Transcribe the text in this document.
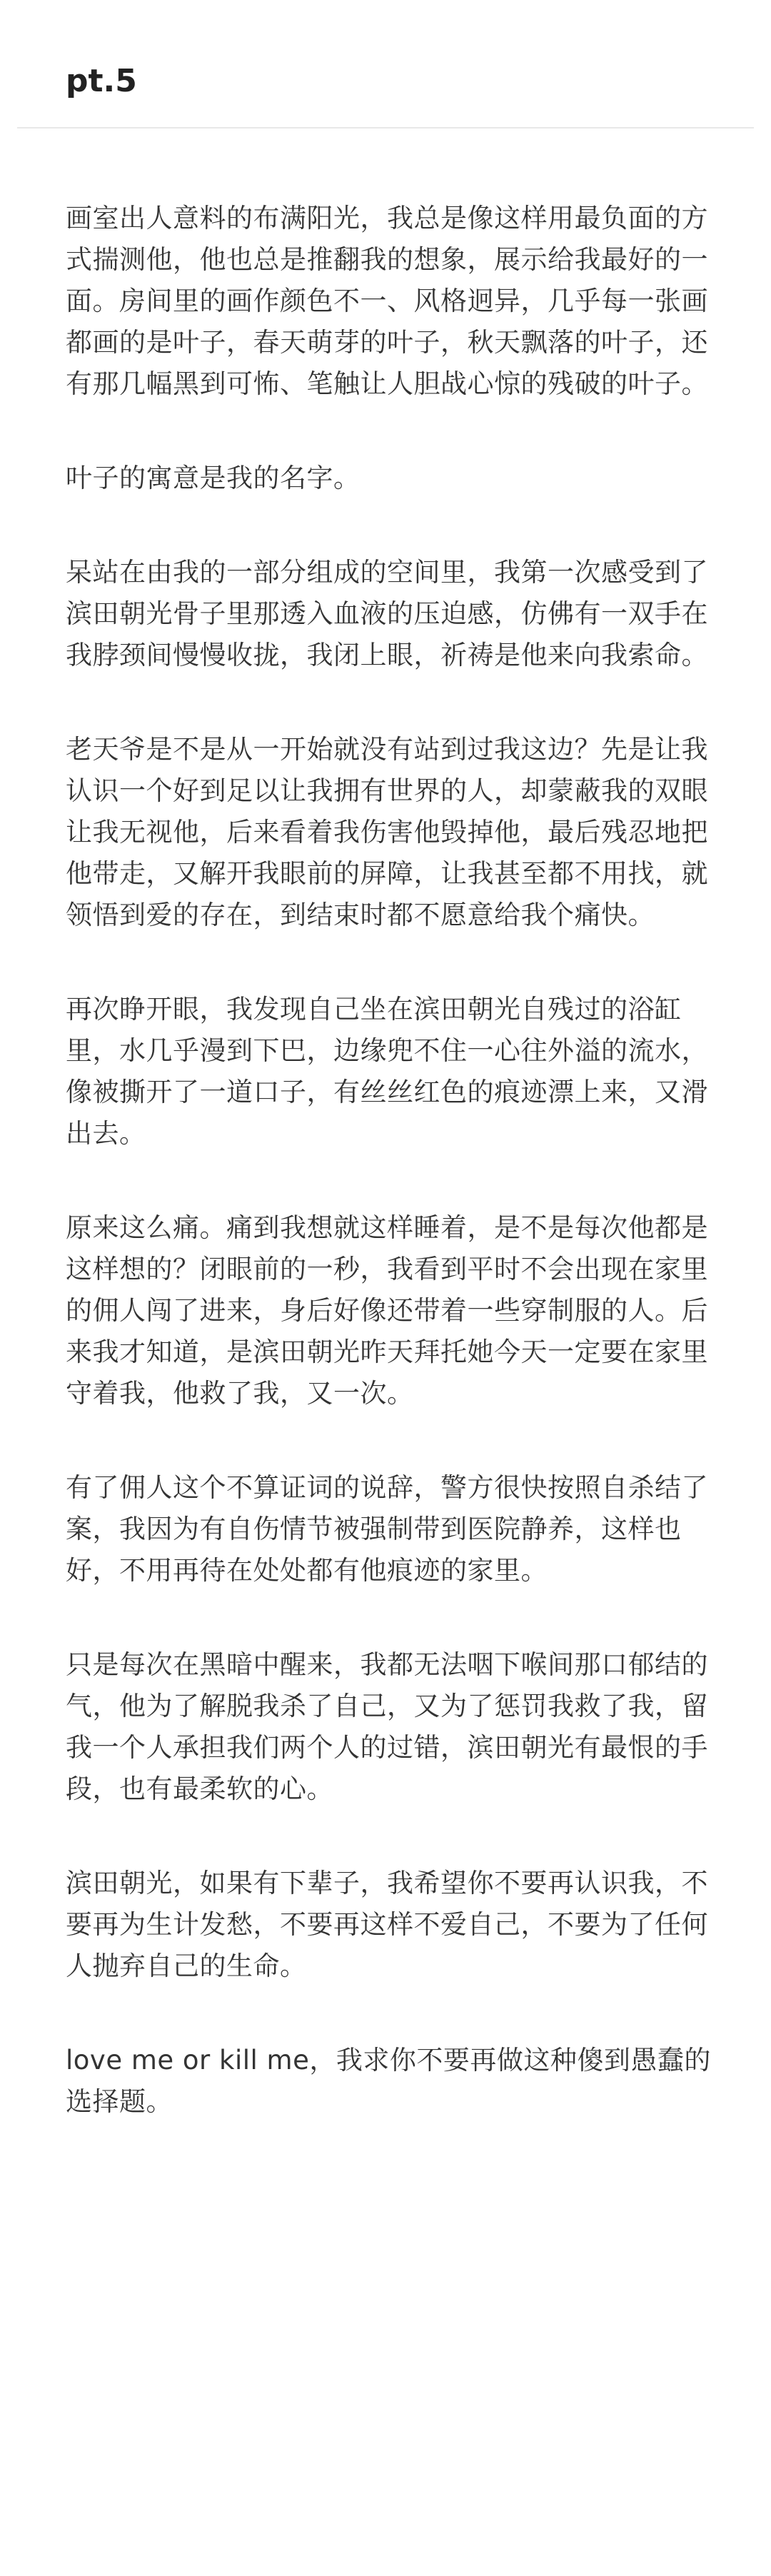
pt.5

画室出人意料的布满阳光，我总是像这样用最负面的方式揣测他，他也总是推翻我的想象，展示给我最好的一面。房间里的画作颜色不一、风格迥异，几乎每一张画都画的是叶子，春天萌芽的叶子，秋天飘落的叶子，还有那几幅黑到可怖、笔触让人胆战心惊的残破的叶子。

叶子的寓意是我的名字。

呆站在由我的一部分组成的空间里，我第一次感受到了滨田朝光骨子里那透入血液的压迫感，仿佛有一双手在我脖颈间慢慢收拢，我闭上眼，祈祷是他来向我索命。

老天爷是不是从一开始就没有站到过我这边？先是让我认识一个好到足以让我拥有世界的人，却蒙蔽我的双眼让我无视他，后来看着我伤害他毁掉他，最后残忍地把他带走，又解开我眼前的屏障，让我甚至都不用找，就领悟到爱的存在，到结束时都不愿意给我个痛快。

再次睁开眼，我发现自己坐在滨田朝光自残过的浴缸里，水几乎漫到下巴，边缘兜不住一心往外溢的流水，像被撕开了一道口子，有丝丝红色的痕迹漂上来，又滑出去。

原来这么痛。痛到我想就这样睡着，是不是每次他都是这样想的？闭眼前的一秒，我看到平时不会出现在家里的佣人闯了进来，身后好像还带着一些穿制服的人。后来我才知道，是滨田朝光昨天拜托她今天一定要在家里守着我，他救了我，又一次。

有了佣人这个不算证词的说辞，警方很快按照自杀结了案，我因为有自伤情节被强制带到医院静养，这样也好，不用再待在处处都有他痕迹的家里。

只是每次在黑暗中醒来，我都无法咽下喉间那口郁结的气，他为了解脱我杀了自己，又为了惩罚我救了我，留我一个人承担我们两个人的过错，滨田朝光有最恨的手段，也有最柔软的心。

滨田朝光，如果有下辈子，我希望你不要再认识我，不要再为生计发愁，不要再这样不爱自己，不要为了任何人抛弃自己的生命。

love me or kill me，我求你不要再做这种傻到愚蠢的选择题。
